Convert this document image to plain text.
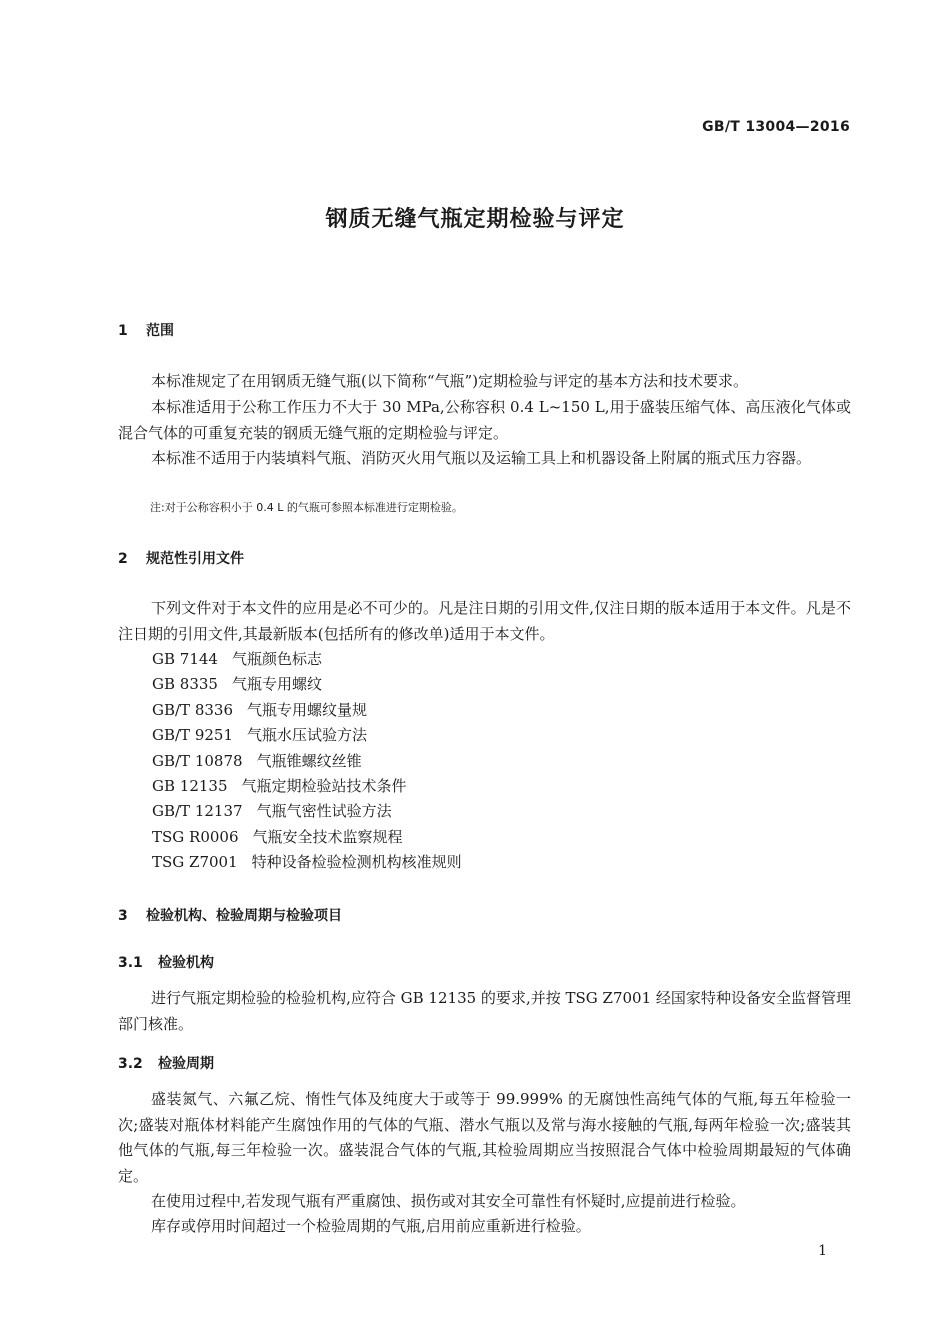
GB/T 13004—2016
钢质无缝气瓶定期检验与评定
1 范围

本标准规定了在用钢质无缝气瓶(以下简称“气瓶”)定期检验与评定的基本方法和技术要求。

本标准适用于公称工作压力不大于 30 MPa,公称容积 0.4 L~150 L,用于盛装压缩气体、高压液化气体或混合气体的可重复充装的钢质无缝气瓶的定期检验与评定。

本标准不适用于内装填料气瓶、消防灭火用气瓶以及运输工具上和机器设备上附属的瓶式压力容器。

注:对于公称容积小于 0.4 L 的气瓶可参照本标准进行定期检验。
2 规范性引用文件

下列文件对于本文件的应用是必不可少的。凡是注日期的引用文件,仅注日期的版本适用于本文件。凡是不注日期的引用文件,其最新版本(包括所有的修改单)适用于本文件。

GB 7144 气瓶颜色标志
GB 8335 气瓶专用螺纹
GB/T 8336 气瓶专用螺纹量规
GB/T 9251 气瓶水压试验方法
GB/T 10878 气瓶锥螺纹丝锥
GB 12135 气瓶定期检验站技术条件
GB/T 12137 气瓶气密性试验方法
TSG R0006 气瓶安全技术监察规程
TSG Z7001 特种设备检验检测机构核准规则
3 检验机构、检验周期与检验项目
3.1 检验机构

进行气瓶定期检验的检验机构,应符合 GB 12135 的要求,并按 TSG Z7001 经国家特种设备安全监督管理部门核准。

3.2 检验周期

盛装氮气、六氟乙烷、惰性气体及纯度大于或等于 99.999% 的无腐蚀性高纯气体的气瓶,每五年检验一次;盛装对瓶体材料能产生腐蚀作用的气体的气瓶、潜水气瓶以及常与海水接触的气瓶,每两年检验一次;盛装其他气体的气瓶,每三年检验一次。盛装混合气体的气瓶,其检验周期应当按照混合气体中检验周期最短的气体确定。

在使用过程中,若发现气瓶有严重腐蚀、损伤或对其安全可靠性有怀疑时,应提前进行检验。

库存或停用时间超过一个检验周期的气瓶,启用前应重新进行检验。

1
